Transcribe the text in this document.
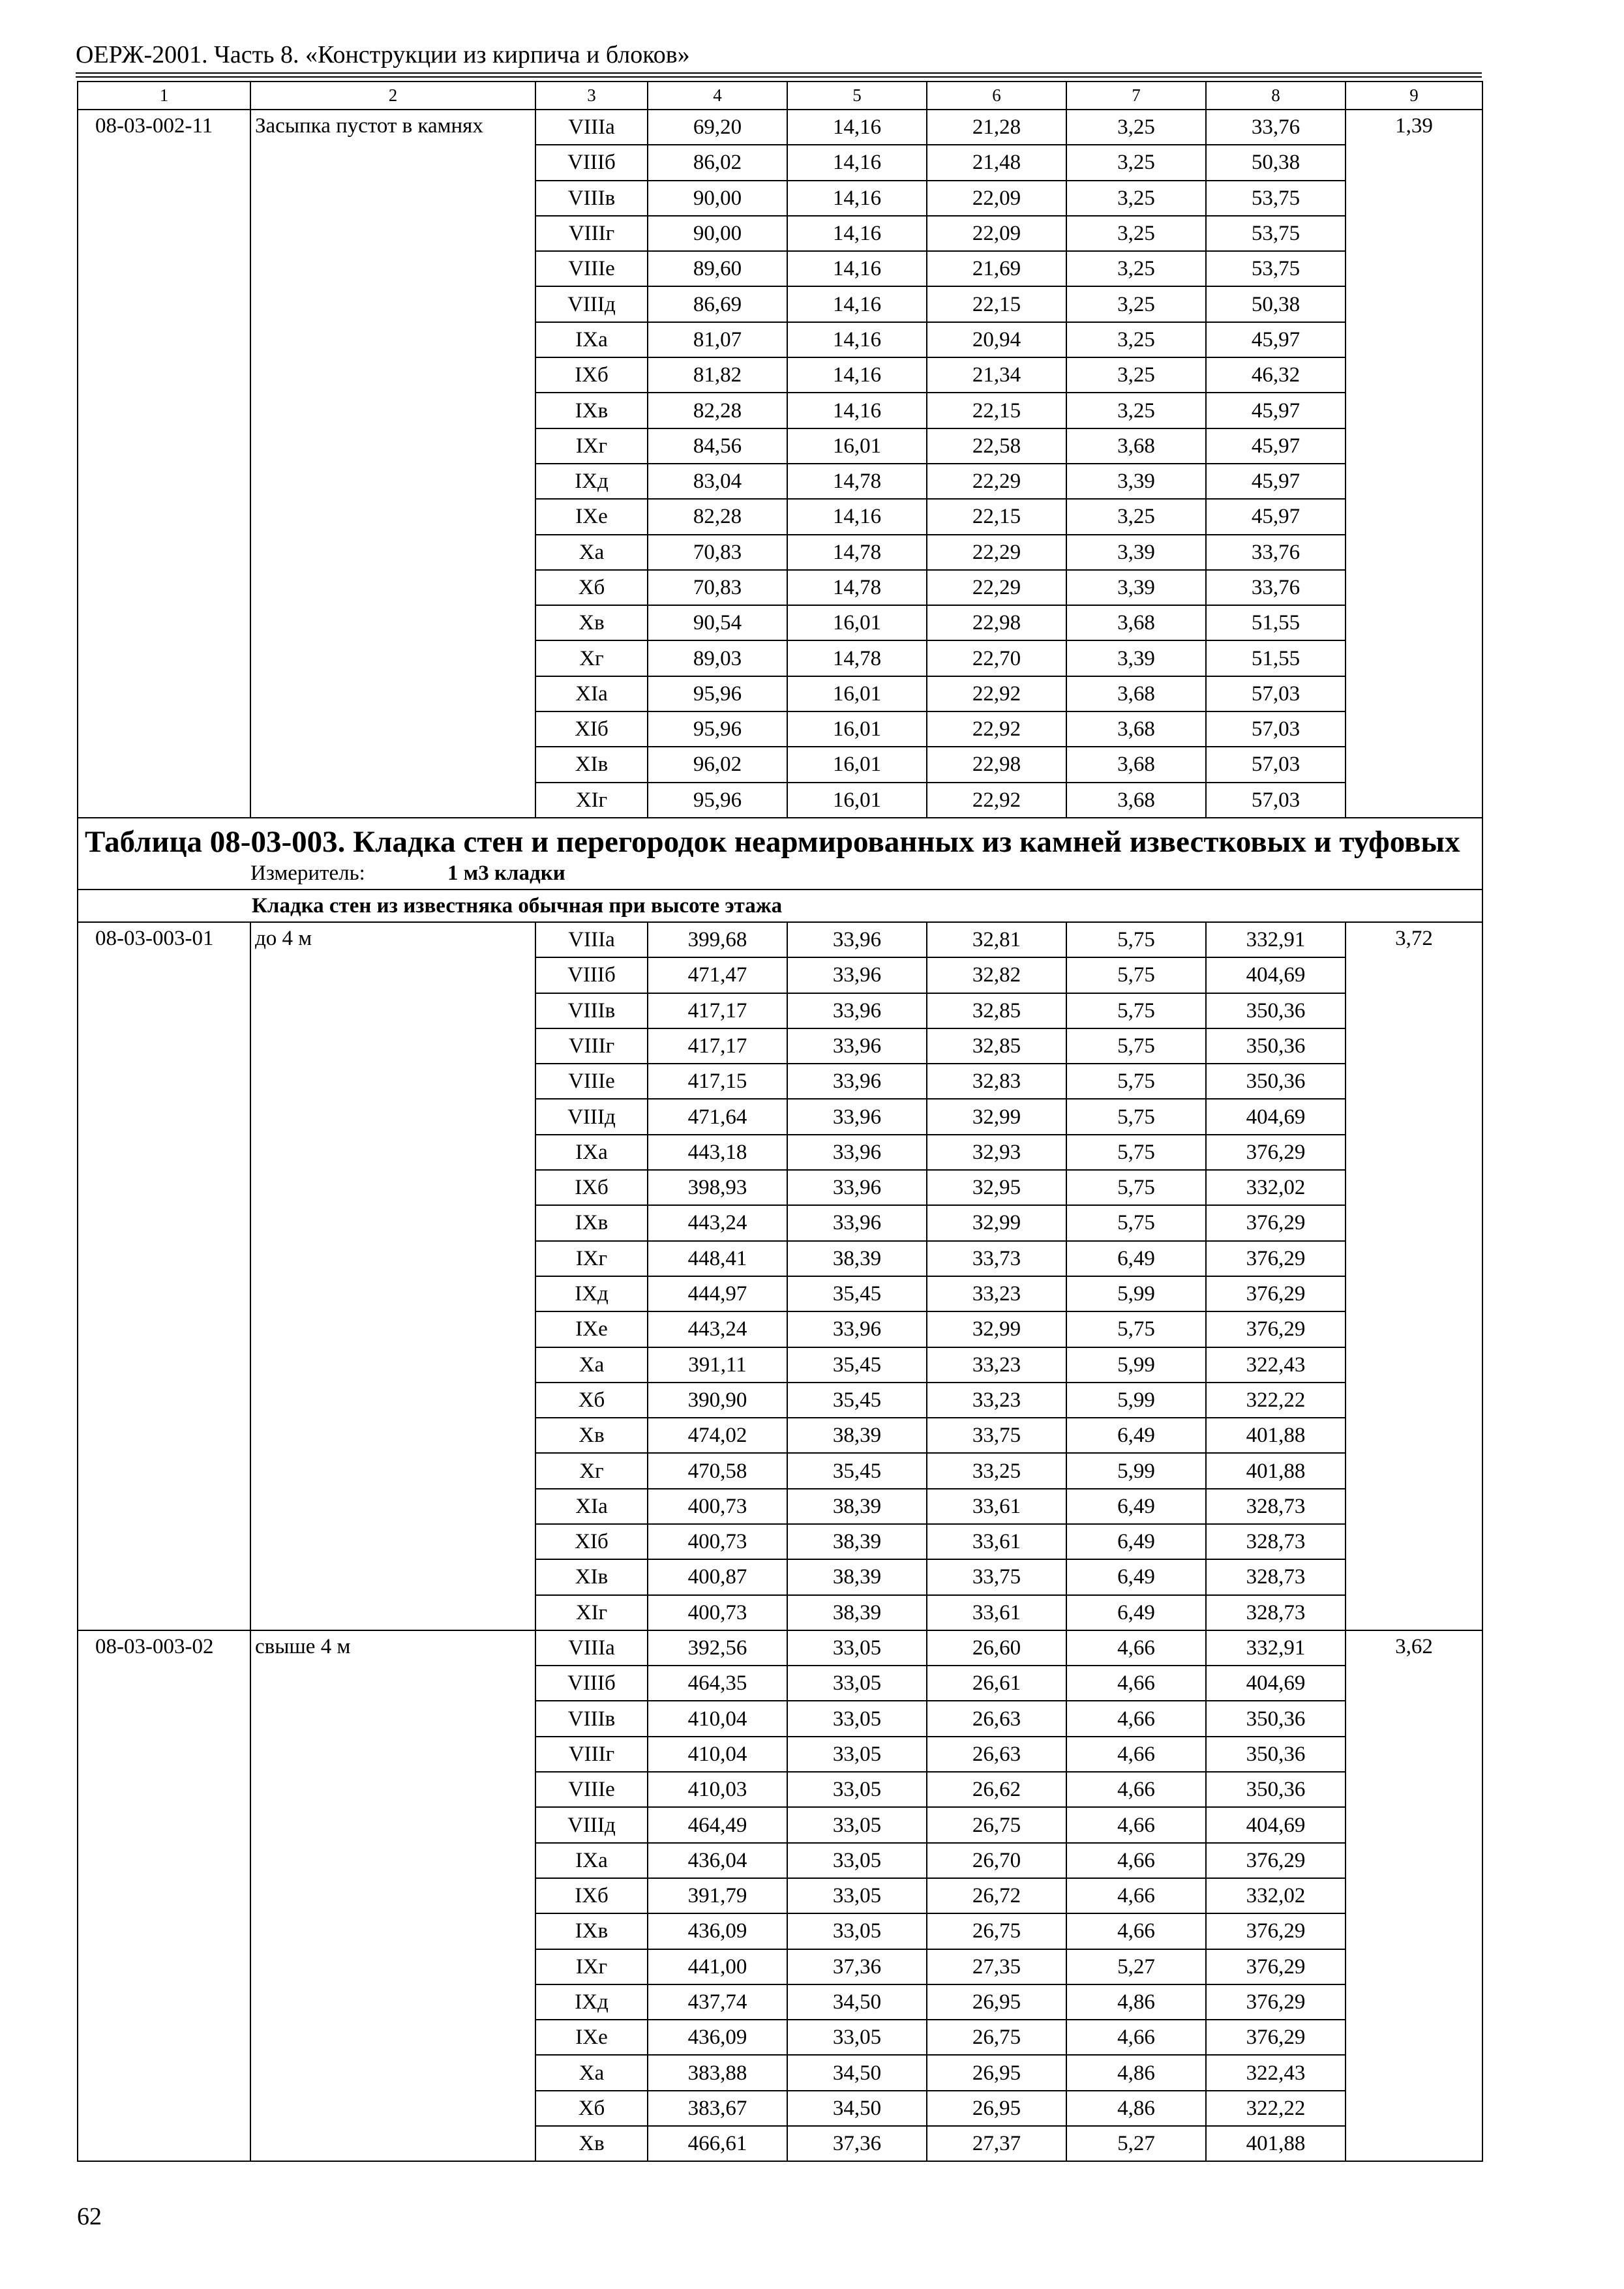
ОЕРЖ-2001. Часть 8. «Конструкции из кирпича и блоков»
1	2	3	4	5	6	7	8	9
08-03-002-11	Засыпка пустот в камнях	VIIIа	69,20	14,16	21,28	3,25	33,76	1,39
		VIIIб	86,02	14,16	21,48	3,25	50,38	
		VIIIв	90,00	14,16	22,09	3,25	53,75	
		VIIIг	90,00	14,16	22,09	3,25	53,75	
		VIIIе	89,60	14,16	21,69	3,25	53,75	
		VIIIд	86,69	14,16	22,15	3,25	50,38	
		IXа	81,07	14,16	20,94	3,25	45,97	
		IXб	81,82	14,16	21,34	3,25	46,32	
		IXв	82,28	14,16	22,15	3,25	45,97	
		IXг	84,56	16,01	22,58	3,68	45,97	
		IXд	83,04	14,78	22,29	3,39	45,97	
		IXе	82,28	14,16	22,15	3,25	45,97	
		Xа	70,83	14,78	22,29	3,39	33,76	
		Xб	70,83	14,78	22,29	3,39	33,76	
		Xв	90,54	16,01	22,98	3,68	51,55	
		Xг	89,03	14,78	22,70	3,39	51,55	
		XIа	95,96	16,01	22,92	3,68	57,03	
		XIб	95,96	16,01	22,92	3,68	57,03	
		XIв	96,02	16,01	22,98	3,68	57,03	
		XIг	95,96	16,01	22,92	3,68	57,03	

Таблица 08-03-003. Кладка стен и перегородок неармированных из камней известковых и туфовых
Измеритель: 1 м3 кладки								

Кладка стен из известняка обычная при высоте этажа								
08-03-003-01	до 4 м	VIIIа	399,68	33,96	32,81	5,75	332,91	3,72
		VIIIб	471,47	33,96	32,82	5,75	404,69	
		VIIIв	417,17	33,96	32,85	5,75	350,36	
		VIIIг	417,17	33,96	32,85	5,75	350,36	
		VIIIе	417,15	33,96	32,83	5,75	350,36	
		VIIIд	471,64	33,96	32,99	5,75	404,69	
		IXа	443,18	33,96	32,93	5,75	376,29	
		IXб	398,93	33,96	32,95	5,75	332,02	
		IXв	443,24	33,96	32,99	5,75	376,29	
		IXг	448,41	38,39	33,73	6,49	376,29	
		IXд	444,97	35,45	33,23	5,99	376,29	
		IXе	443,24	33,96	32,99	5,75	376,29	
		Xа	391,11	35,45	33,23	5,99	322,43	
		Xб	390,90	35,45	33,23	5,99	322,22	
		Xв	474,02	38,39	33,75	6,49	401,88	
		Xг	470,58	35,45	33,25	5,99	401,88	
		XIа	400,73	38,39	33,61	6,49	328,73	
		XIб	400,73	38,39	33,61	6,49	328,73	
		XIв	400,87	38,39	33,75	6,49	328,73	
		XIг	400,73	38,39	33,61	6,49	328,73	
08-03-003-02	свыше 4 м	VIIIа	392,56	33,05	26,60	4,66	332,91	3,62
		VIIIб	464,35	33,05	26,61	4,66	404,69	
		VIIIв	410,04	33,05	26,63	4,66	350,36	
		VIIIг	410,04	33,05	26,63	4,66	350,36	
		VIIIе	410,03	33,05	26,62	4,66	350,36	
		VIIIд	464,49	33,05	26,75	4,66	404,69	
		IXа	436,04	33,05	26,70	4,66	376,29	
		IXб	391,79	33,05	26,72	4,66	332,02	
		IXв	436,09	33,05	26,75	4,66	376,29	
		IXг	441,00	37,36	27,35	5,27	376,29	
		IXд	437,74	34,50	26,95	4,86	376,29	
		IXе	436,09	33,05	26,75	4,66	376,29	
		Xа	383,88	34,50	26,95	4,86	322,43	
		Xб	383,67	34,50	26,95	4,86	322,22	
		Xв	466,61	37,36	27,37	5,27	401,88	
62
